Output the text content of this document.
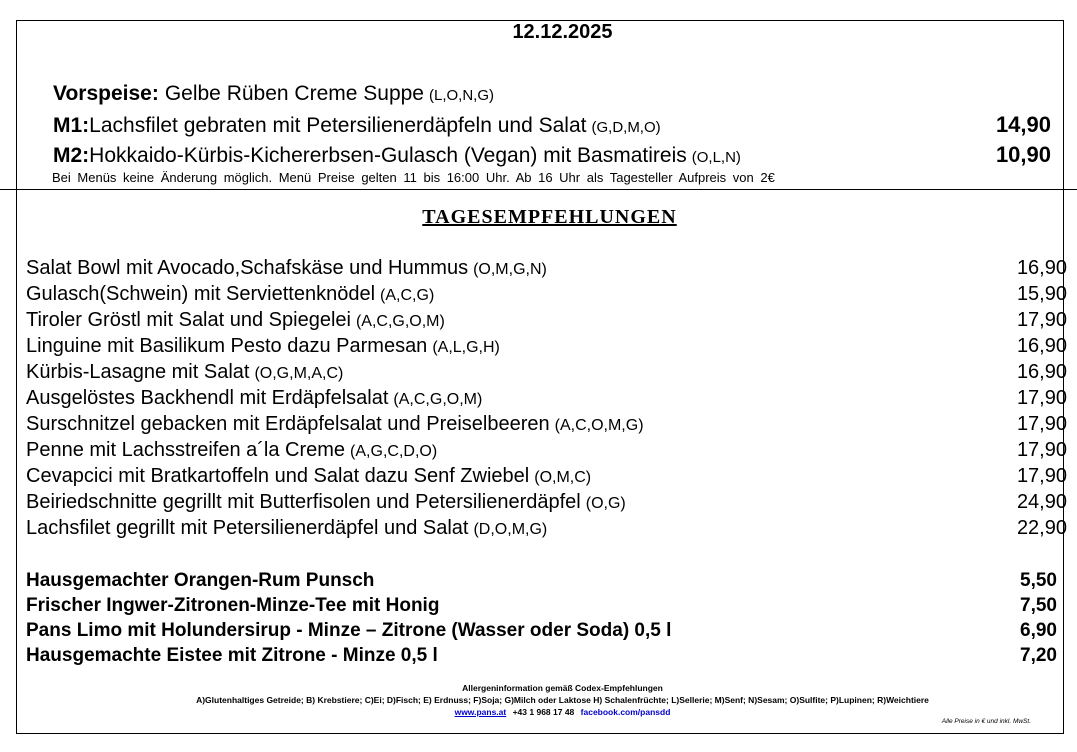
12.12.2025
Vorspeise: Gelbe Rüben Creme Suppe (L,O,N,G)
M1: Lachsfilet gebraten mit Petersilienerdäpfeln und Salat (G,D,M,O)	14,90
M2: Hokkaido-Kürbis-Kichererbsen-Gulasch (Vegan) mit Basmatireis (O,L,N)	10,90
Bei Menüs keine Änderung möglich. Menü Preise gelten 11 bis 16:00 Uhr. Ab 16 Uhr als Tagesteller Aufpreis von 2€
TAGESEMPFEHLUNGEN
Salat Bowl mit Avocado,Schafskäse und Hummus (O,M,G,N)	16,90
Gulasch(Schwein) mit Serviettenknödel (A,C,G)	15,90
Tiroler Gröstl mit Salat und Spiegelei (A,C,G,O,M)	17,90
Linguine mit Basilikum Pesto dazu Parmesan (A,L,G,H)	16,90
Kürbis-Lasagne mit Salat (O,G,M,A,C)	16,90
Ausgelöstes Backhendl mit Erdäpfelsalat (A,C,G,O,M)	17,90
Surschnitzel gebacken mit Erdäpfelsalat und Preiselbeeren (A,C,O,M,G)	17,90
Penne mit Lachsstreifen a´la Creme (A,G,C,D,O)	17,90
Cevapcici mit Bratkartoffeln und Salat dazu Senf Zwiebel (O,M,C)	17,90
Beiriedschnitte gegrillt mit Butterfisolen und Petersilienerdäpfel (O,G)	24,90
Lachsfilet gegrillt mit Petersilienerdäpfel und Salat (D,O,M,G)	22,90
Hausgemachter Orangen-Rum Punsch	5,50
Frischer Ingwer-Zitronen-Minze-Tee mit Honig	7,50
Pans Limo mit Holundersirup - Minze – Zitrone (Wasser oder Soda) 0,5 l	6,90
Hausgemachte Eistee mit Zitrone - Minze 0,5 l	7,20
Allergeninformation gemäß Codex-Empfehlungen
A)Glutenhaltiges Getreide; B) Krebstiere; C)Ei; D)Fisch; E) Erdnuss; F)Soja; G)Milch oder Laktose H) Schalenfrüchte; L)Sellerie; M)Senf; N)Sesam; O)Sulfite; P)Lupinen; R)Weichtiere
www.pans.at +43 1 968 17 48 facebook.com/pansdd
Alle Preise in € und inkl. MwSt.
